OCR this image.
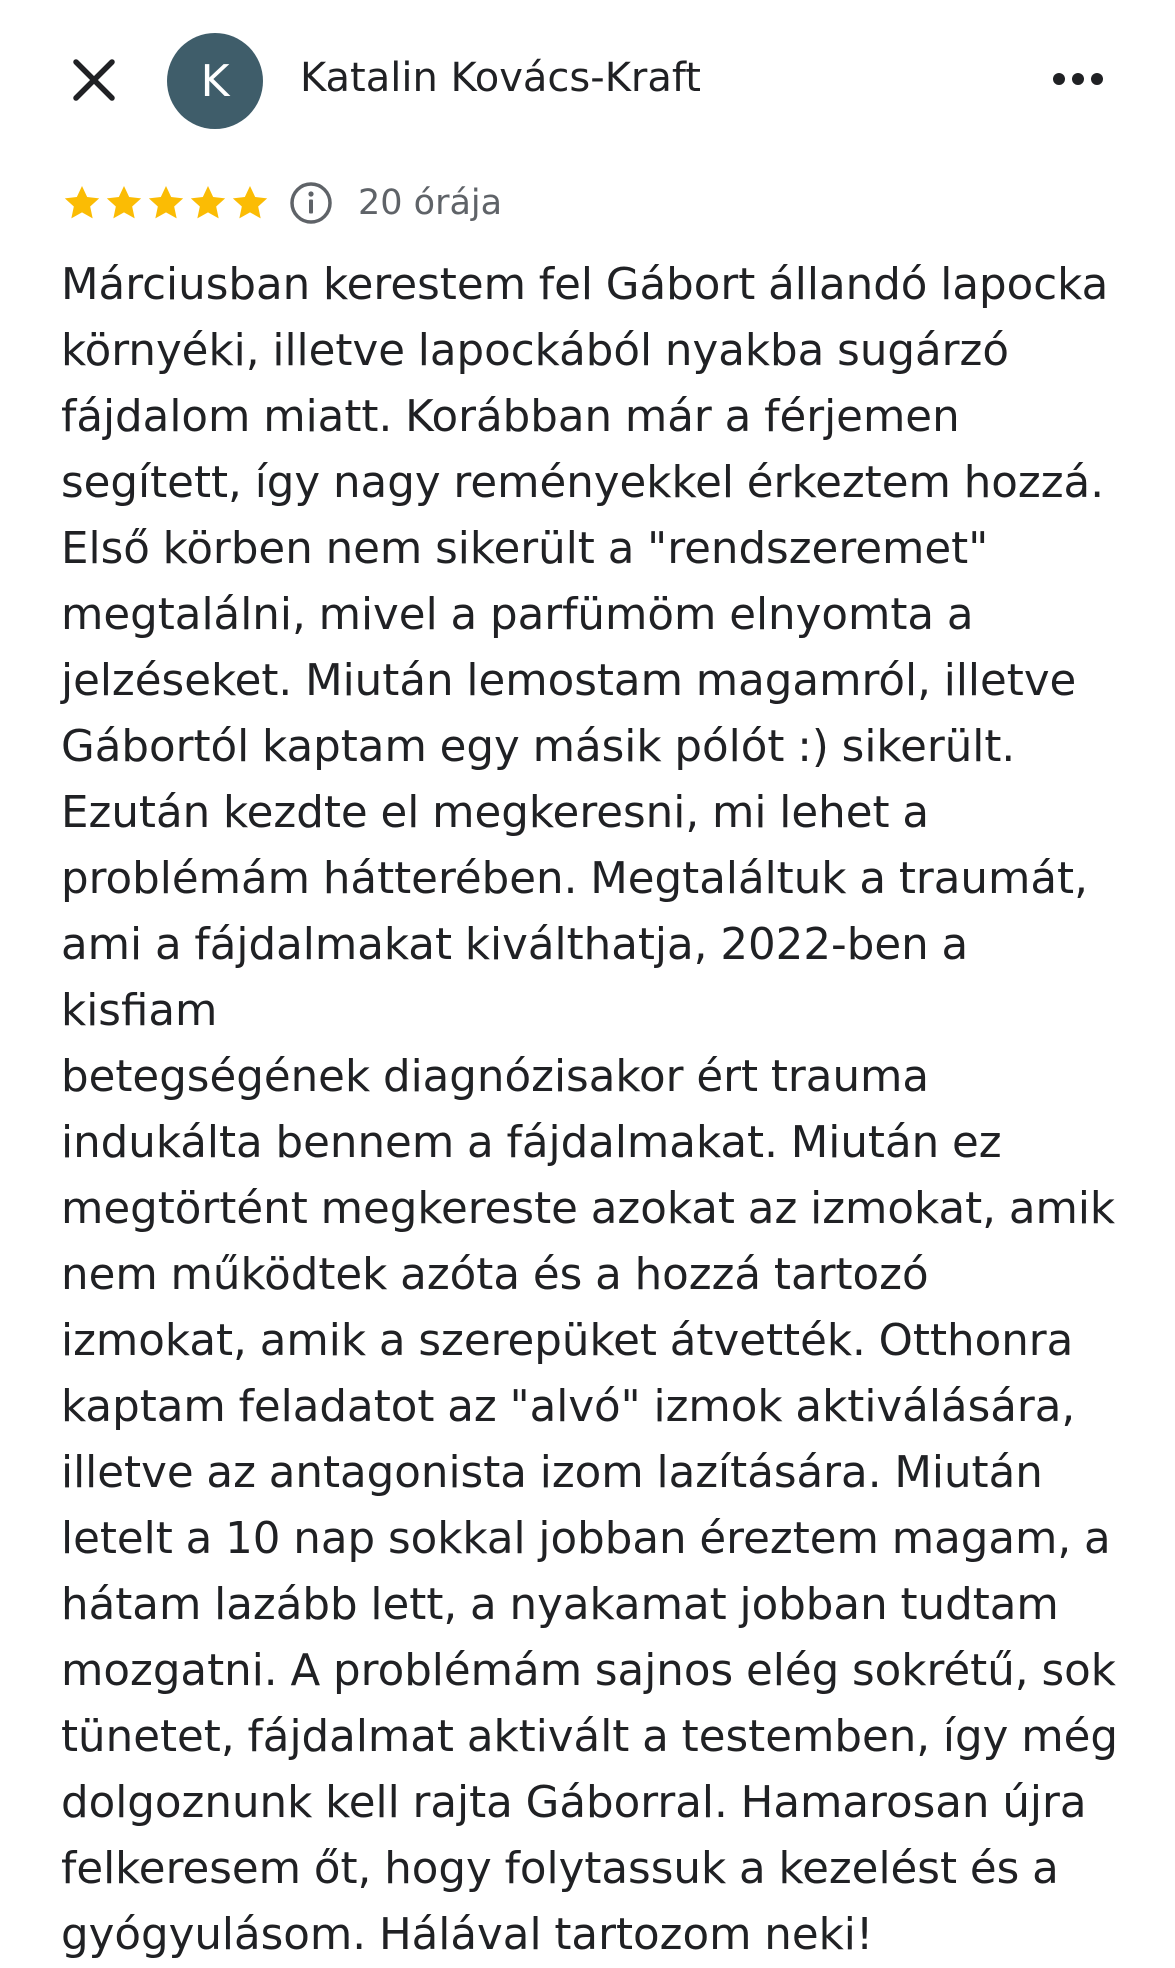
K Katalin Kovács-Kraft
20 órája
Márciusban kerestem fel Gábort állandó lapocka
környéki, illetve lapockából nyakba sugárzó
fájdalom miatt. Korábban már a férjemen
segített, így nagy reményekkel érkeztem hozzá.
Első körben nem sikerült a "rendszeremet"
megtalálni, mivel a parfümöm elnyomta a
jelzéseket. Miután lemostam magamról, illetve
Gábortól kaptam egy másik pólót :) sikerült.
Ezután kezdte el megkeresni, mi lehet a
problémám hátterében. Megtaláltuk a traumát,
ami a fájdalmakat kiválthatja, 2022-ben a kisfiam
betegségének diagnózisakor ért trauma
indukálta bennem a fájdalmakat. Miután ez
megtörtént megkereste azokat az izmokat, amik
nem működtek azóta és a hozzá tartozó
izmokat, amik a szerepüket átvették. Otthonra
kaptam feladatot az "alvó" izmok aktiválására,
illetve az antagonista izom lazítására. Miután
letelt a 10 nap sokkal jobban éreztem magam, a
hátam lazább lett, a nyakamat jobban tudtam
mozgatni. A problémám sajnos elég sokrétű, sok
tünetet, fájdalmat aktivált a testemben, így még
dolgoznunk kell rajta Gáborral. Hamarosan újra
felkeresem őt, hogy folytassuk a kezelést és a
gyógyulásom. Hálával tartozom neki!
